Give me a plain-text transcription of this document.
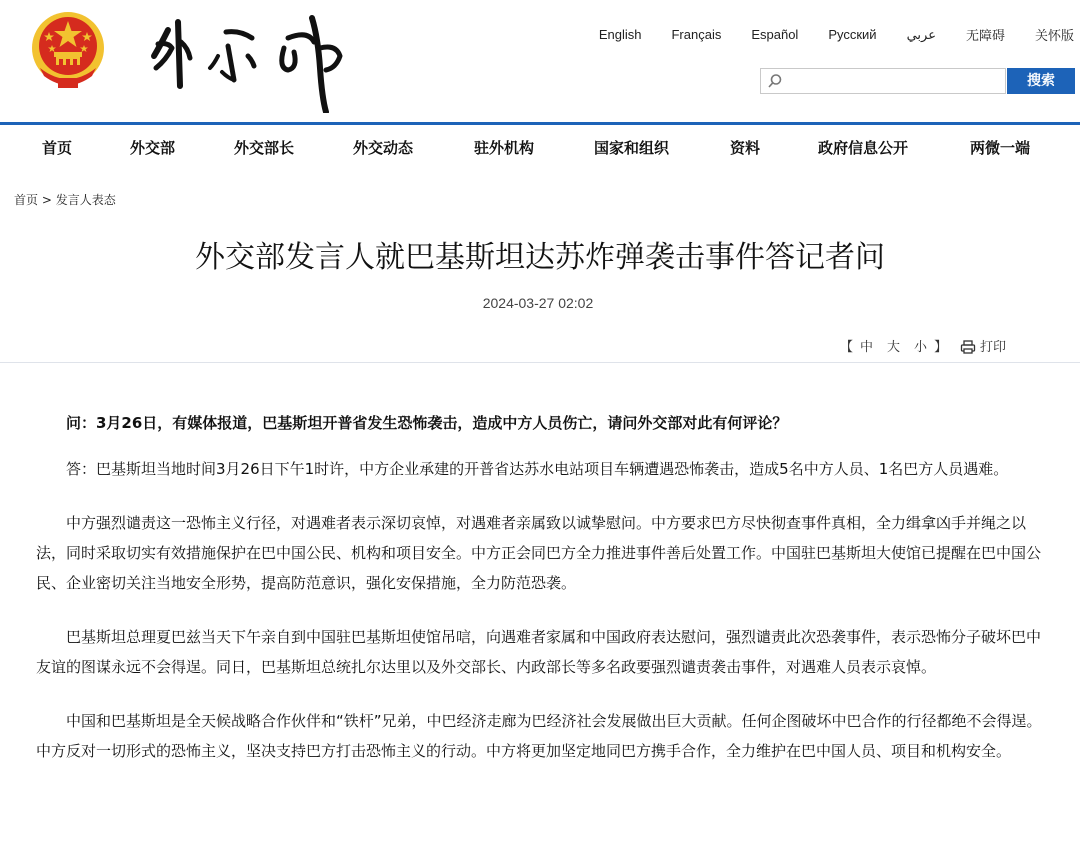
English Français Español Русский عربي 无障碍 关怀版
搜索
首页	外交部	外交部长	外交动态	驻外机构	国家和组织	资料	政府信息公开	两微一端
首页 > 发言人表态
外交部发言人就巴基斯坦达苏炸弹袭击事件答记者问
2024-03-27 02:02
【 中 大 小 】	打印

问：3月26日，有媒体报道，巴基斯坦开普省发生恐怖袭击，造成中方人员伤亡，请问外交部对此有何评论？

答：巴基斯坦当地时间3月26日下午1时许，中方企业承建的开普省达苏水电站项目车辆遭遇恐怖袭击，造成5名中方人员、1名巴方人员遇难。

中方强烈谴责这一恐怖主义行径，对遇难者表示深切哀悼，对遇难者亲属致以诚挚慰问。中方要求巴方尽快彻查事件真相，全力缉拿凶手并绳之以法，同时采取切实有效措施保护在巴中国公民、机构和项目安全。中方正会同巴方全力推进事件善后处置工作。中国驻巴基斯坦大使馆已提醒在巴中国公民、企业密切关注当地安全形势，提高防范意识，强化安保措施，全力防范恐袭。

巴基斯坦总理夏巴兹当天下午亲自到中国驻巴基斯坦使馆吊唁，向遇难者家属和中国政府表达慰问，强烈谴责此次恐袭事件，表示恐怖分子破坏巴中友谊的图谋永远不会得逞。同日，巴基斯坦总统扎尔达里以及外交部长、内政部长等多名政要强烈谴责袭击事件，对遇难人员表示哀悼。

中国和巴基斯坦是全天候战略合作伙伴和“铁杆”兄弟，中巴经济走廊为巴经济社会发展做出巨大贡献。任何企图破坏中巴合作的行径都绝不会得逞。中方反对一切形式的恐怖主义，坚决支持巴方打击恐怖主义的行动。中方将更加坚定地同巴方携手合作，全力维护在巴中国人员、项目和机构安全。
